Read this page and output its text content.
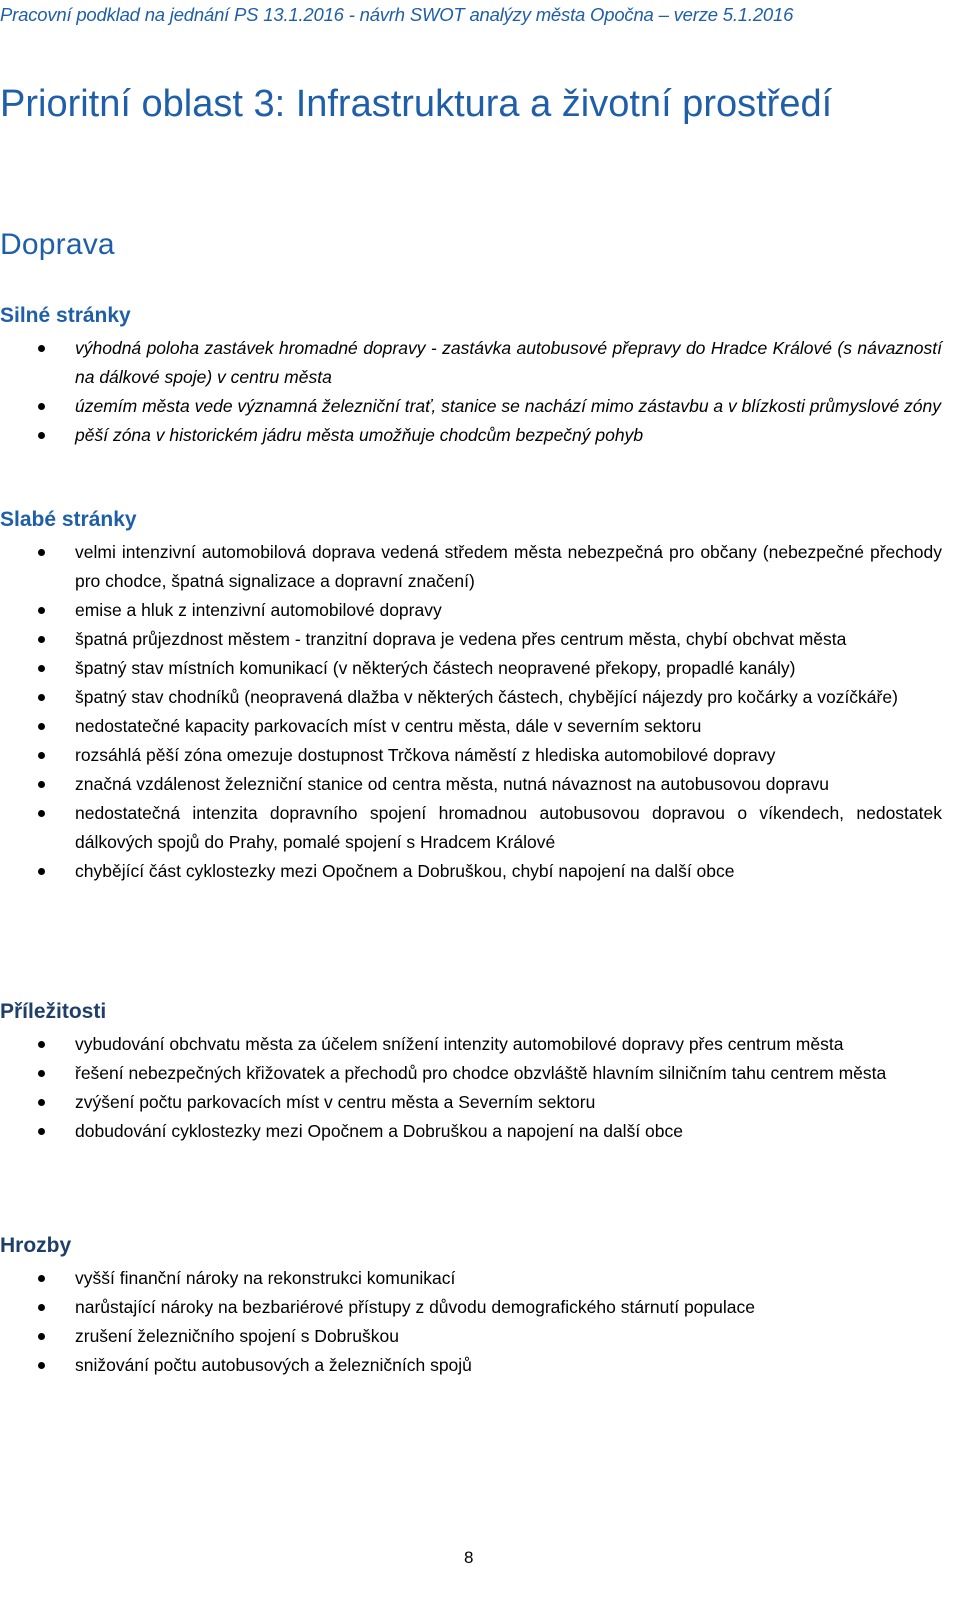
Pracovní podklad na jednání PS 13.1.2016 - návrh SWOT analýzy města Opočna – verze 5.1.2016
Prioritní oblast 3: Infrastruktura a životní prostředí
Doprava
Silné stránky
výhodná poloha zastávek hromadné dopravy - zastávka autobusové přepravy do Hradce Králové (s návazností na dálkové spoje) v centru města
územím města vede významná železniční trať, stanice se nachází mimo zástavbu a v blízkosti průmyslové zóny
pěší zóna v historickém jádru města umožňuje chodcům bezpečný pohyb
Slabé stránky
velmi intenzivní automobilová doprava vedená středem města nebezpečná pro občany (nebezpečné přechody pro chodce, špatná signalizace a dopravní značení)
emise a hluk z intenzivní automobilové dopravy
špatná průjezdnost městem - tranzitní doprava je vedena přes centrum města, chybí obchvat města
špatný stav místních komunikací (v některých částech neopravené překopy, propadlé kanály)
špatný stav chodníků (neopravená dlažba v některých částech, chybějící nájezdy pro kočárky a vozíčkáře)
nedostatečné kapacity parkovacích míst v centru města, dále v severním sektoru
rozsáhlá pěší zóna omezuje dostupnost Trčkova náměstí z hlediska automobilové dopravy
značná vzdálenost železniční stanice od centra města, nutná návaznost na autobusovou dopravu
nedostatečná intenzita dopravního spojení hromadnou autobusovou dopravou o víkendech, nedostatek dálkových spojů do Prahy, pomalé spojení s Hradcem Králové
chybějící část cyklostezky mezi Opočnem a Dobruškou, chybí napojení na další obce
Příležitosti
vybudování obchvatu města za účelem snížení intenzity automobilové dopravy přes centrum města
řešení nebezpečných křižovatek a přechodů pro chodce obzvláště hlavním silničním tahu centrem města
zvýšení počtu parkovacích míst v centru města a Severním sektoru
dobudování cyklostezky mezi Opočnem a Dobruškou a napojení na další obce
Hrozby
vyšší finanční nároky na rekonstrukci komunikací
narůstající nároky na bezbariérové přístupy z důvodu demografického stárnutí populace
zrušení železničního spojení s Dobruškou
snižování počtu autobusových a železničních spojů
8
